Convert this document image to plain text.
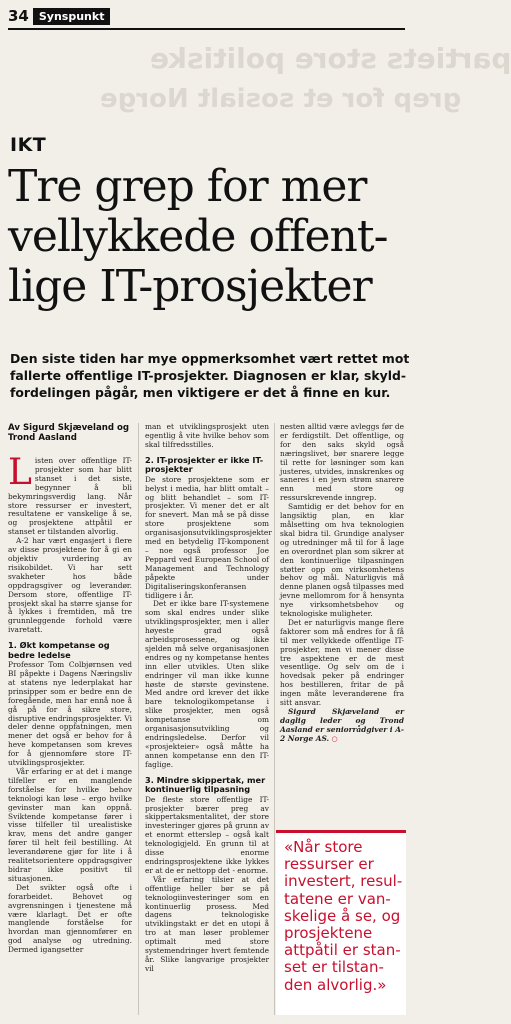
34 Synspunkt
partiets store politiske
grep for et sosialt Norge
IKT
Tre grep for mer
vellykkede offent-
lige IT-prosjekter
Den siste tiden har mye oppmerksomhet vært rettet mot
fallerte offentlige IT-prosjekter. Diagnosen er klar, skyld-
fordelingen pågår, men viktigere er det å finne en kur.
Av Sigurd Skjæveland og Trond Aasland

Listen over offentlige IT-prosjekter som har blitt stanset i det siste, begynner å bli bekymringsverdig lang. Når store ressurser er investert, resultatene er vanskelige å se, og prosjektene attpåtil er stanset er tilstanden alvorlig.

A-2 har vært engasjert i flere av disse prosjektene for å gi en objektiv vurdering av risikobildet. Vi har sett svakheter hos både oppdragsgiver og leverandør. Dersom store, offentlige IT-prosjekt skal ha større sjanse for å lykkes i fremtiden, må tre grunnleggende forhold være ivaretatt.

1. Økt kompetanse og bedre ledelse

Professor Tom Colbjørnsen ved BI påpekte i Dagens Næringsliv at statens nye lederplakat har prinsipper som er bedre enn de foregående, men har ennå noe å gå på for å sikre store, disruptive endringsprosjekter. Vi deler denne oppfatningen, men mener det også er behov for å heve kompetansen som kreves for å gjennomføre store IT-utviklingsprosjekter.

Vår erfaring er at det i mange tilfeller er en manglende forståelse for hvilke behov teknologi kan løse – ergo hvilke gevinster man kan oppnå. Sviktende kompetanse fører i visse tilfeller til urealistiske krav, mens det andre ganger fører til helt feil bestilling. At leverandørene gjør for lite i å realitetsorientere oppdragsgiver bidrar ikke positivt til situasjonen.

Det svikter også ofte i forarbeidet. Behovet og avgrensningen i tjenestene må være klarlagt. Det er ofte manglende forståelse for hvordan man gjennomfører en god analyse og utredning. Dermed igangsetter

man et utviklingsprosjekt uten egentlig å vite hvilke behov som skal tilfredsstilles.

2. IT-prosjekter er ikke IT-prosjekter

De store prosjektene som er belyst i media, har blitt omtalt – og blitt behandlet – som IT-prosjekter. Vi mener det er alt for snevert. Man må se på disse store prosjektene som organisasjonsutviklingsprosjekter med en betydelig IT-komponent – noe også professor Joe Peppard ved European School of Management and Technology påpekte under Digitaliseringskonferansen tidligere i år.

Det er ikke bare IT-systemene som skal endres under slike utviklingsprosjekter, men i aller høyeste grad også arbeidsprosessene, og ikke sjelden må selve organisasjonen endres og ny kompetanse hentes inn eller utvikles. Uten slike endringer vil man ikke kunne høste de største gevinstene. Med andre ord krever det ikke bare teknologikompetanse i slike prosjekter, men også kompetanse om organisasjonsutvikling og endringsledelse. Derfor vil «prosjekteier» også måtte ha annen kompetanse enn den IT-faglige.

3. Mindre skippertak, mer kontinuerlig tilpasning

De fleste store offentlige IT-prosjekter bærer preg av skippertaksmentalitet, der store investeringer gjøres på grunn av et enormt etterslep – også kalt teknologigjeld. En grunn til at disse enorme endringsprosjektene ikke lykkes er at de er nettopp det - enorme.

Vår erfaring tilsier at det offentlige heller bør se på teknologiinvesteringer som en kontinuerlig prosess. Med dagens teknologiske utviklingstakt er det en utopi å tro at man løser problemer optimalt med store systemendringer hvert femtende år. Slike langvarige prosjekter vil

nesten alltid være avleggs før de er ferdigstilt. Det offentlige, og for den saks skyld også næringslivet, bør snarere legge til rette for løsninger som kan justeres, utvides, innskrenkes og saneres i en jevn strøm snarere enn med store og ressurskrevende inngrep.

Samtidig er det behov for en langsiktig plan, en klar målsetting om hva teknologien skal bidra til. Grundige analyser og utredninger må til for å lage en overordnet plan som sikrer at den kontinuerlige tilpasningen støtter opp om virksomhetens behov og mål. Naturligvis må denne planen også tilpasses med jevne mellomrom for å hensynta nye virksomhetsbehov og teknologiske muligheter.

Det er naturligvis mange flere faktorer som må endres for å få til mer vellykkede offentlige IT-prosjekter, men vi mener disse tre aspektene er de mest vesentlige. Og selv om de i hovedsak peker på endringer hos bestilleren, fritar de på ingen måte leverandørene fra sitt ansvar.

Sigurd Skjæveland er daglig leder og Trond Aasland er seniorrådgiver i A-2 Norge AS. ○

«Når store
ressurser er
investert, resul-
tatene er van-
skelige å se, og
prosjektene
attpåtil er stan-
set er tilstan-
den alvorlig.»
